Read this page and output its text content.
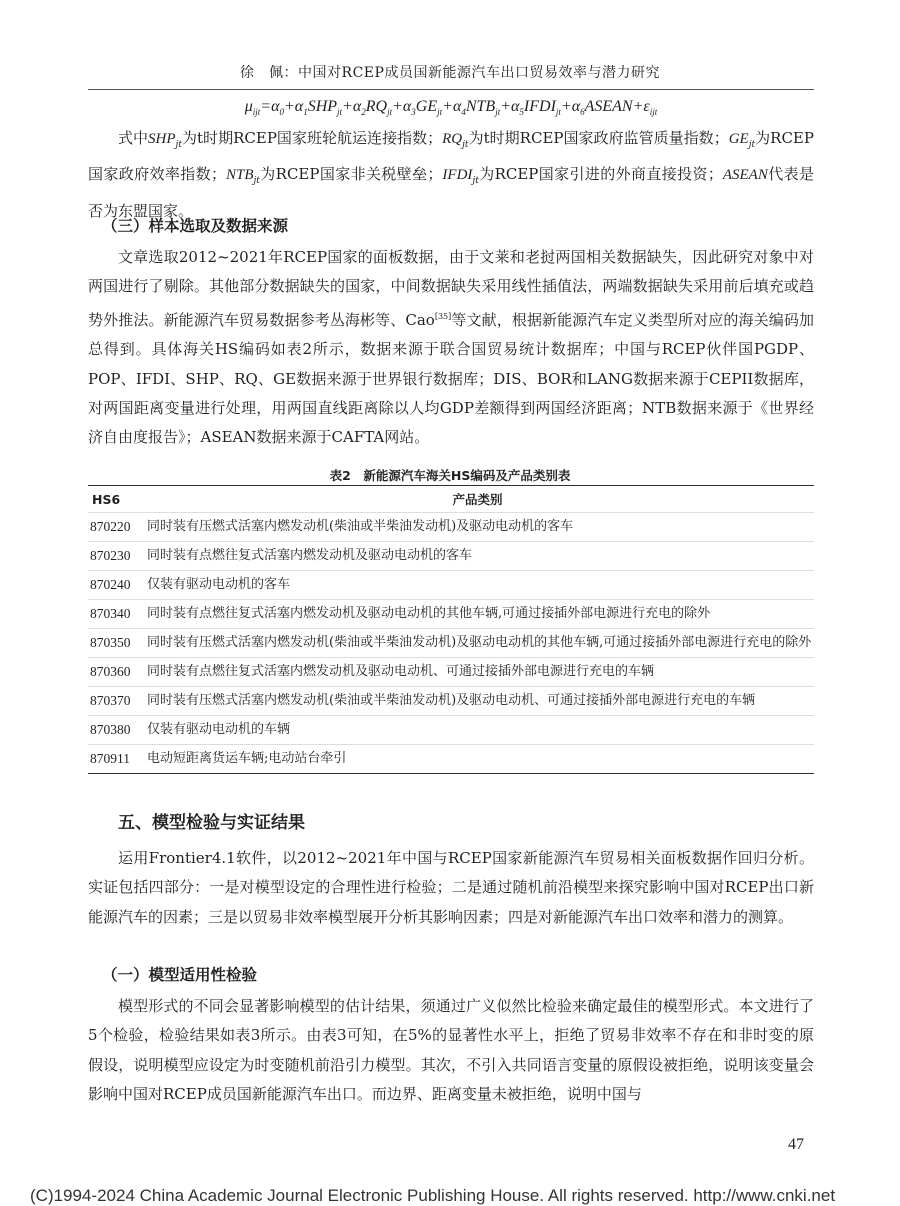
徐　佩：中国对RCEP成员国新能源汽车出口贸易效率与潜力研究
$\mu_{ijt}=\alpha_0+\alpha_1SHP_{jt}+\alpha_2RQ_{jt}+\alpha_3GE_{jt}+\alpha_4NTB_{jt}+\alpha_5IFDI_{jt}+\alpha_6ASEAN+\varepsilon_{ijt}$
式中$SHP_{jt}$为t时期RCEP国家班轮航运连接指数；$RQ_{jt}$为t时期RCEP国家政府监管质量指数；$GE_{jt}$为RCEP国家政府效率指数；$NTB_{jt}$为RCEP国家非关税壁垒；$IFDI_{jt}$为RCEP国家引进的外商直接投资；ASEAN代表是否为东盟国家。
（三）样本选取及数据来源
文章选取2012~2021年RCEP国家的面板数据，由于文莱和老挝两国相关数据缺失，因此研究对象中对两国进行了剔除。其他部分数据缺失的国家，中间数据缺失采用线性插值法，两端数据缺失采用前后填充或趋势外推法。新能源汽车贸易数据参考丛海彬等、Cao[35]等文献，根据新能源汽车定义类型所对应的海关编码加总得到。具体海关HS编码如表2所示，数据来源于联合国贸易统计数据库；中国与RCEP伙伴国PGDP、POP、IFDI、SHP、RQ、GE数据来源于世界银行数据库；DIS、BOR和LANG数据来源于CEPII数据库，对两国距离变量进行处理，用两国直线距离除以人均GDP差额得到两国经济距离；NTB数据来源于《世界经济自由度报告》；ASEAN数据来源于CAFTA网站。
表2　新能源汽车海关HS编码及产品类别表
HS6	产品类别
870220	同时装有压燃式活塞内燃发动机(柴油或半柴油发动机)及驱动电动机的客车
870230	同时装有点燃往复式活塞内燃发动机及驱动电动机的客车
870240	仅装有驱动电动机的客车
870340	同时装有点燃往复式活塞内燃发动机及驱动电动机的其他车辆,可通过接插外部电源进行充电的除外
870350	同时装有压燃式活塞内燃发动机(柴油或半柴油发动机)及驱动电动机的其他车辆,可通过接插外部电源进行充电的除外
870360	同时装有点燃往复式活塞内燃发动机及驱动电动机、可通过接插外部电源进行充电的车辆
870370	同时装有压燃式活塞内燃发动机(柴油或半柴油发动机)及驱动电动机、可通过接插外部电源进行充电的车辆
870380	仅装有驱动电动机的车辆
870911	电动短距离货运车辆;电动站台牵引
五、模型检验与实证结果
运用Frontier4.1软件，以2012~2021年中国与RCEP国家新能源汽车贸易相关面板数据作回归分析。实证包括四部分：一是对模型设定的合理性进行检验；二是通过随机前沿模型来探究影响中国对RCEP出口新能源汽车的因素；三是以贸易非效率模型展开分析其影响因素；四是对新能源汽车出口效率和潜力的测算。
（一）模型适用性检验
模型形式的不同会显著影响模型的估计结果，须通过广义似然比检验来确定最佳的模型形式。本文进行了5个检验，检验结果如表3所示。由表3可知，在5%的显著性水平上，拒绝了贸易非效率不存在和非时变的原假设，说明模型应设定为时变随机前沿引力模型。其次，不引入共同语言变量的原假设被拒绝，说明该变量会影响中国对RCEP成员国新能源汽车出口。而边界、距离变量未被拒绝，说明中国与
47
(C)1994-2024 China Academic Journal Electronic Publishing House. All rights reserved. http://www.cnki.net
